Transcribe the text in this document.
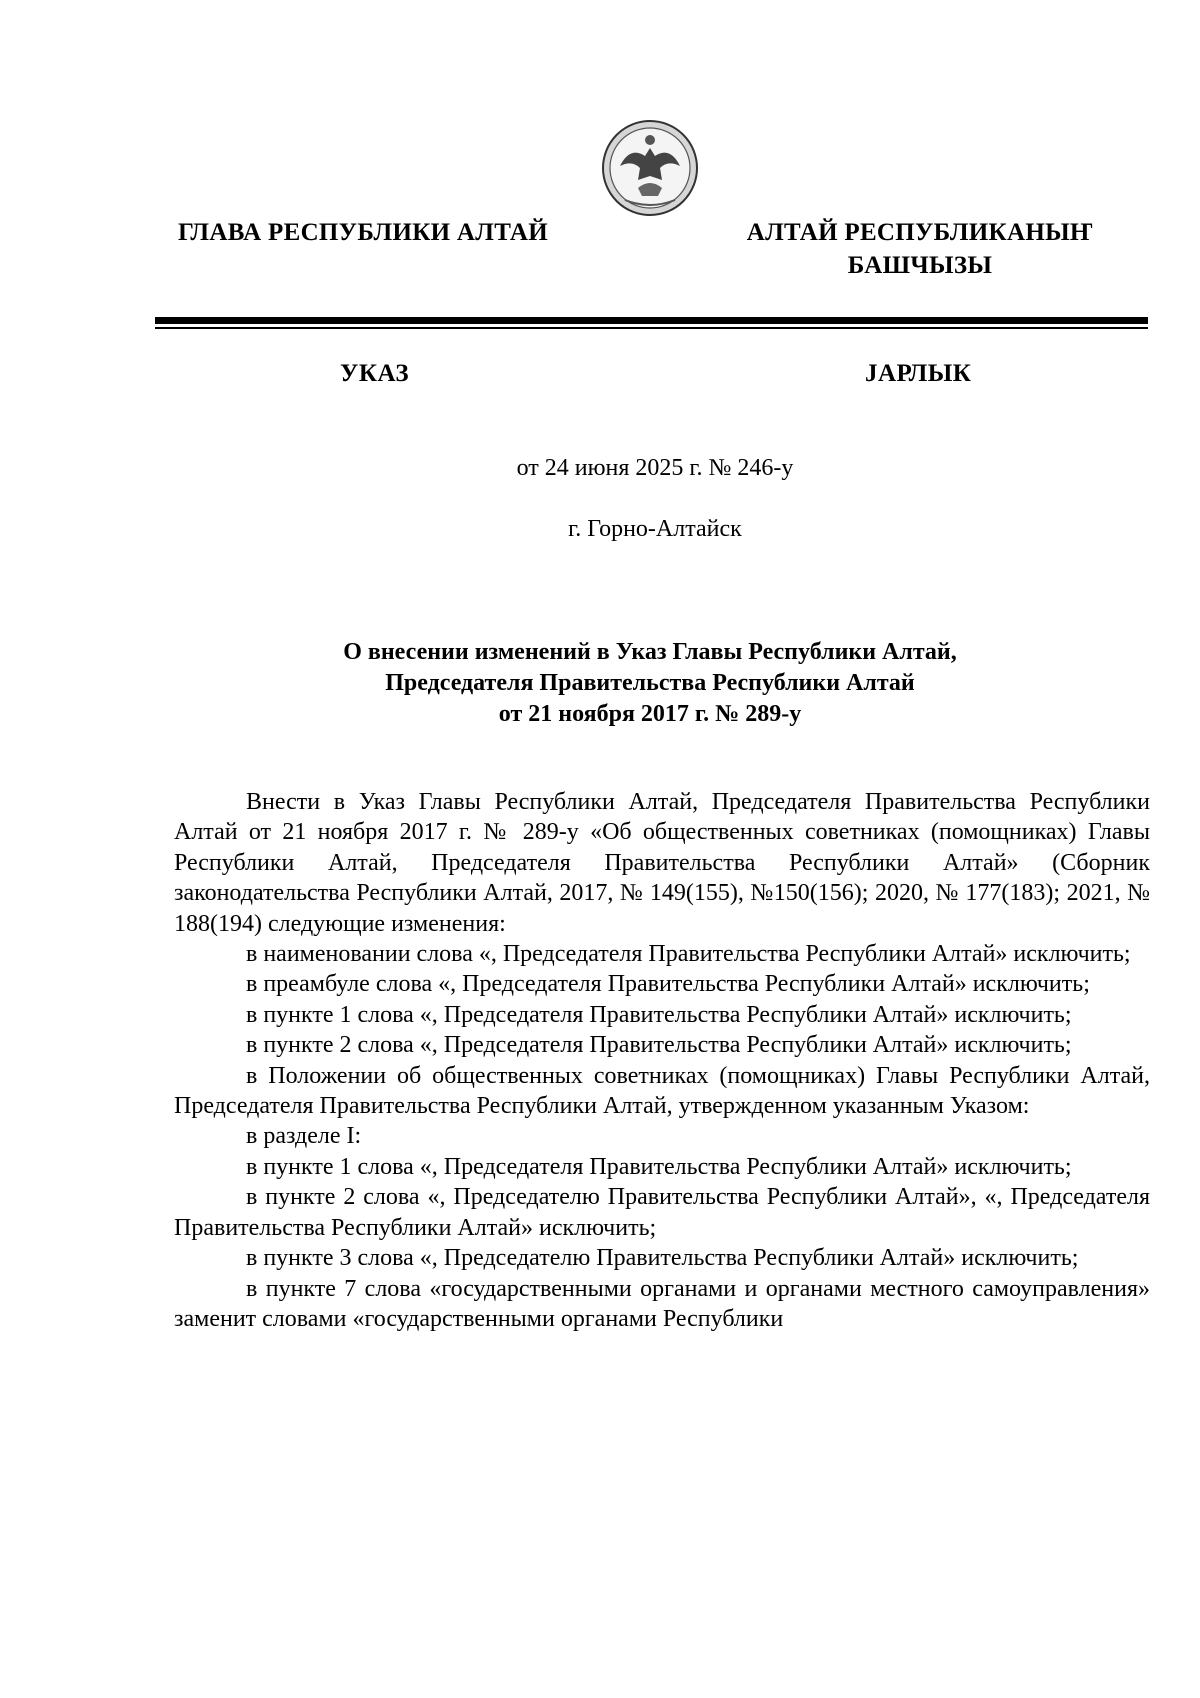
ГЛАВА РЕСПУБЛИКИ АЛТАЙ	АЛТАЙ РЕСПУБЛИКАНЫҤ
БАШЧЫЗЫ
УКАЗ	ЈАРЛЫК
от 24 июня 2025 г. № 246-у
г. Горно-Алтайск
О внесении изменений в Указ Главы Республики Алтай,
Председателя Правительства Республики Алтай
от 21 ноября 2017 г. № 289-у

Внести в Указ Главы Республики Алтай, Председателя Правительства Республики Алтай от 21 ноября 2017 г. № 289-у «Об общественных советниках (помощниках) Главы Республики Алтай, Председателя Правительства Республики Алтай» (Сборник законодательства Республики Алтай, 2017, № 149(155), №150(156); 2020, № 177(183); 2021, № 188(194) следующие изменения:

в наименовании слова «, Председателя Правительства Республики Алтай» исключить;

в преамбуле слова «, Председателя Правительства Республики Алтай» исключить;

в пункте 1 слова «, Председателя Правительства Республики Алтай» исключить;

в пункте 2 слова «, Председателя Правительства Республики Алтай» исключить;

в Положении об общественных советниках (помощниках) Главы Республики Алтай, Председателя Правительства Республики Алтай, утвержденном указанным Указом:

в разделе I:

в пункте 1 слова «, Председателя Правительства Республики Алтай» исключить;

в пункте 2 слова «, Председателю Правительства Республики Алтай», «, Председателя Правительства Республики Алтай» исключить;

в пункте 3 слова «, Председателю Правительства Республики Алтай» исключить;

в пункте 7 слова «государственными органами и органами местного самоуправления» заменит словами «государственными органами Республики
